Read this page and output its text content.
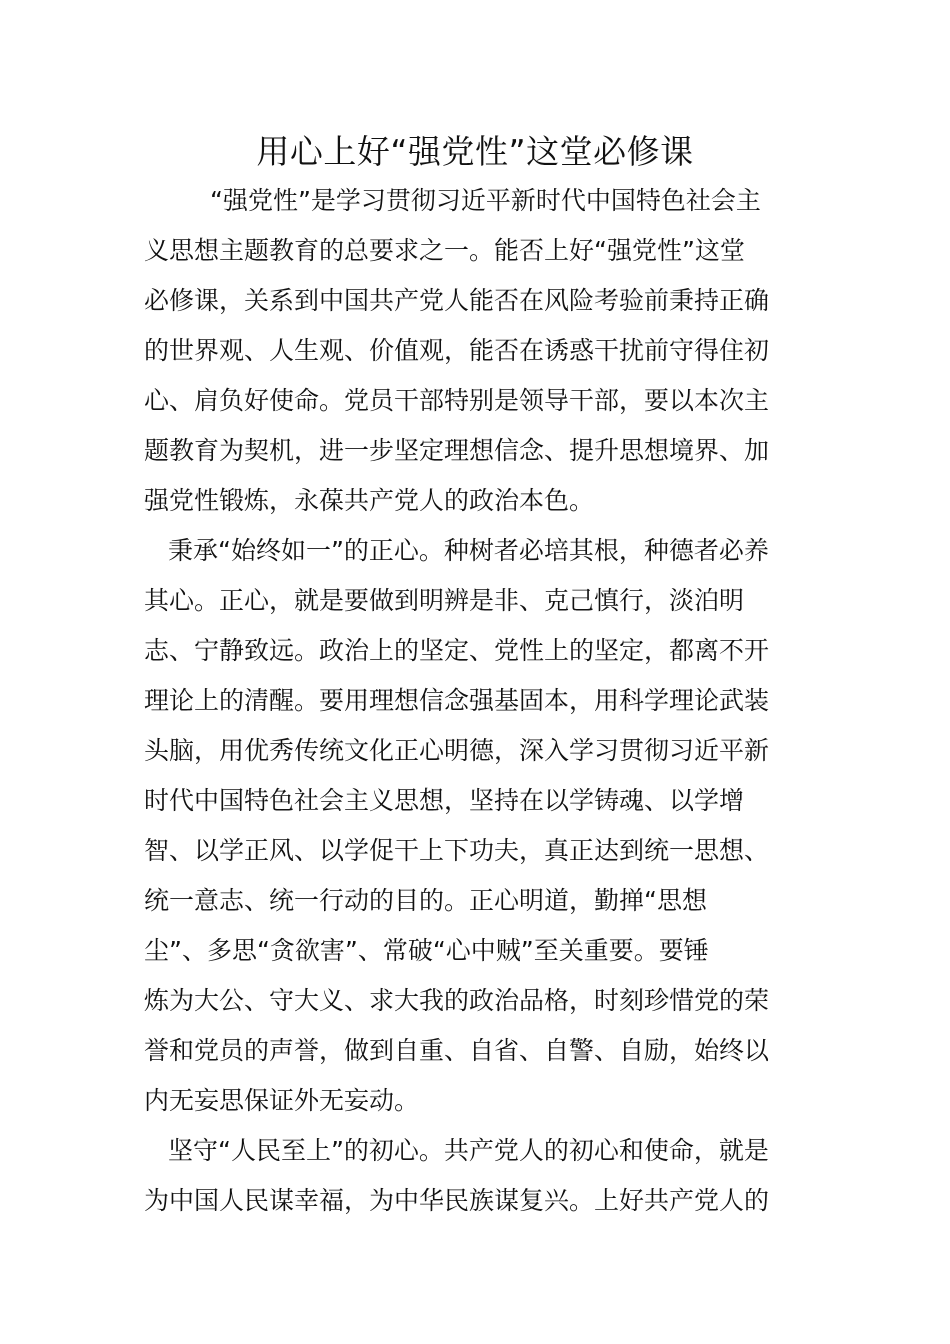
用心上好“强党性”这堂必修课
“强党性”是学习贯彻习近平新时代中国特色社会主
义思想主题教育的总要求之一。能否上好“强党性”这堂
必修课，关系到中国共产党人能否在风险考验前秉持正确
的世界观、人生观、价值观，能否在诱惑干扰前守得住初
心、肩负好使命。党员干部特别是领导干部，要以本次主
题教育为契机，进一步坚定理想信念、提升思想境界、加
强党性锻炼，永葆共产党人的政治本色。
秉承“始终如一”的正心。种树者必培其根，种德者必养
其心。正心，就是要做到明辨是非、克己慎行，淡泊明
志、宁静致远。政治上的坚定、党性上的坚定，都离不开
理论上的清醒。要用理想信念强基固本，用科学理论武装
头脑，用优秀传统文化正心明德，深入学习贯彻习近平新
时代中国特色社会主义思想，坚持在以学铸魂、以学增
智、以学正风、以学促干上下功夫，真正达到统一思想、
统一意志、统一行动的目的。正心明道，勤掸“思想
尘”、多思“贪欲害”、常破“心中贼”至关重要。要锤
炼为大公、守大义、求大我的政治品格，时刻珍惜党的荣
誉和党员的声誉，做到自重、自省、自警、自励，始终以
内无妄思保证外无妄动。
坚守“人民至上”的初心。共产党人的初心和使命，就是
为中国人民谋幸福，为中华民族谋复兴。上好共产党人的
